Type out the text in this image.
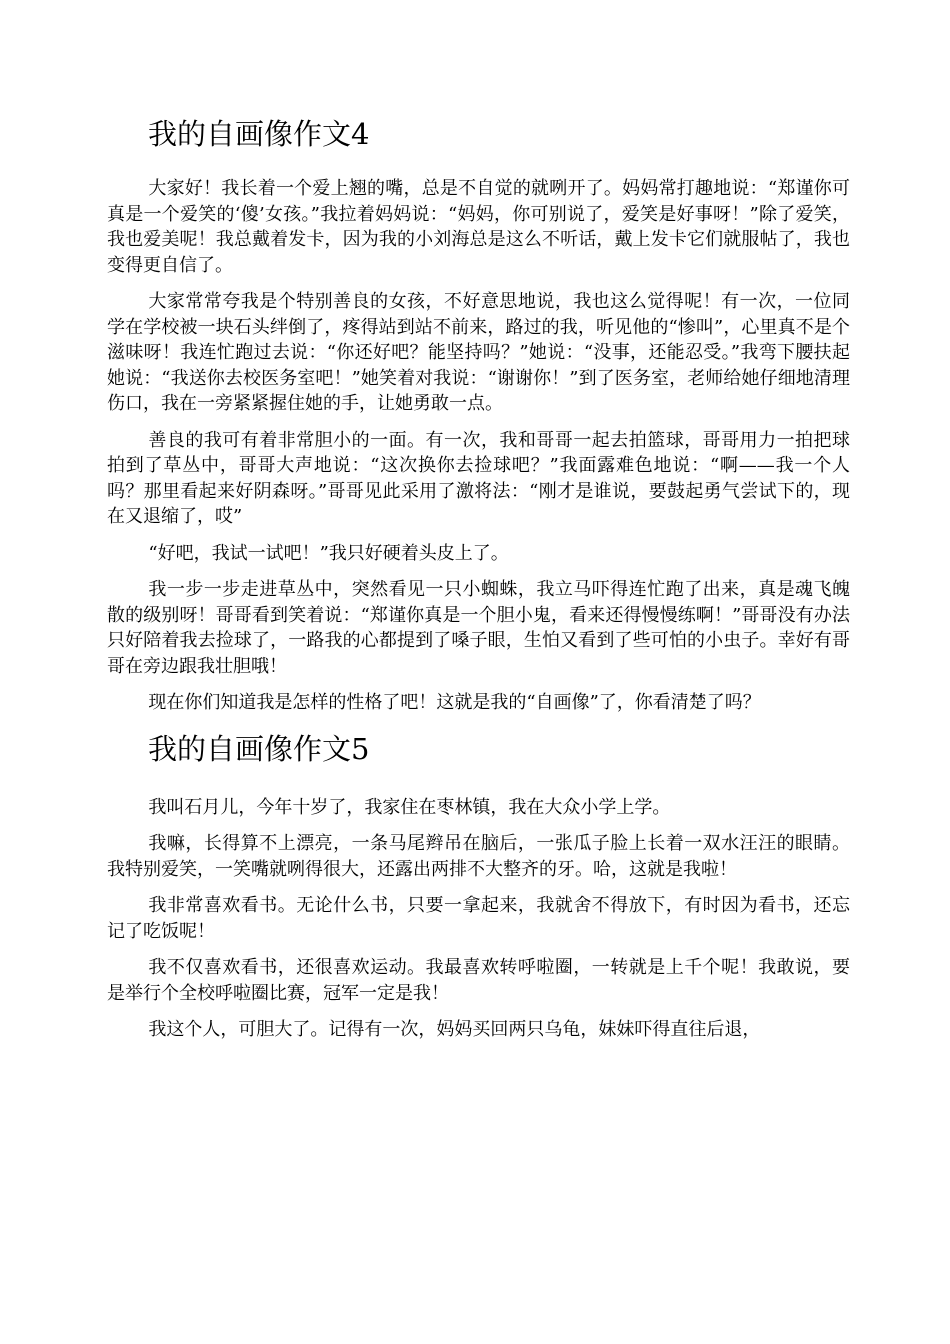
我的自画像作文4

大家好！我长着一个爱上翘的嘴，总是不自觉的就咧开了。妈妈常打趣地说：“郑谨你可真是一个爱笑的‘傻’女孩。”我拉着妈妈说：“妈妈，你可别说了，爱笑是好事呀！”除了爱笑，我也爱美呢！我总戴着发卡，因为我的小刘海总是这么不听话，戴上发卡它们就服帖了，我也变得更自信了。

大家常常夸我是个特别善良的女孩，不好意思地说，我也这么觉得呢！有一次，一位同学在学校被一块石头绊倒了，疼得站到站不前来，路过的我，听见他的“惨叫”，心里真不是个滋味呀！我连忙跑过去说：“你还好吧？能坚持吗？”她说：“没事，还能忍受。”我弯下腰扶起她说：“我送你去校医务室吧！”她笑着对我说：“谢谢你！”到了医务室，老师给她仔细地清理伤口，我在一旁紧紧握住她的手，让她勇敢一点。

善良的我可有着非常胆小的一面。有一次，我和哥哥一起去拍篮球，哥哥用力一拍把球拍到了草丛中，哥哥大声地说：“这次换你去捡球吧？”我面露难色地说：“啊——我一个人吗？那里看起来好阴森呀。”哥哥见此采用了激将法：“刚才是谁说，要鼓起勇气尝试下的，现在又退缩了，哎”

“好吧，我试一试吧！”我只好硬着头皮上了。

我一步一步走进草丛中，突然看见一只小蜘蛛，我立马吓得连忙跑了出来，真是魂飞魄散的级别呀！哥哥看到笑着说：“郑谨你真是一个胆小鬼，看来还得慢慢练啊！”哥哥没有办法只好陪着我去捡球了，一路我的心都提到了嗓子眼，生怕又看到了些可怕的小虫子。幸好有哥哥在旁边跟我壮胆哦！

现在你们知道我是怎样的性格了吧！这就是我的“自画像”了，你看清楚了吗？

我的自画像作文5

我叫石月儿，今年十岁了，我家住在枣林镇，我在大众小学上学。

我嘛，长得算不上漂亮，一条马尾辫吊在脑后，一张瓜子脸上长着一双水汪汪的眼睛。我特别爱笑，一笑嘴就咧得很大，还露出两排不大整齐的牙。哈，这就是我啦！

我非常喜欢看书。无论什么书，只要一拿起来，我就舍不得放下，有时因为看书，还忘记了吃饭呢！

我不仅喜欢看书，还很喜欢运动。我最喜欢转呼啦圈，一转就是上千个呢！我敢说，要是举行个全校呼啦圈比赛，冠军一定是我！

我这个人，可胆大了。记得有一次，妈妈买回两只乌龟，妹妹吓得直往后退，
